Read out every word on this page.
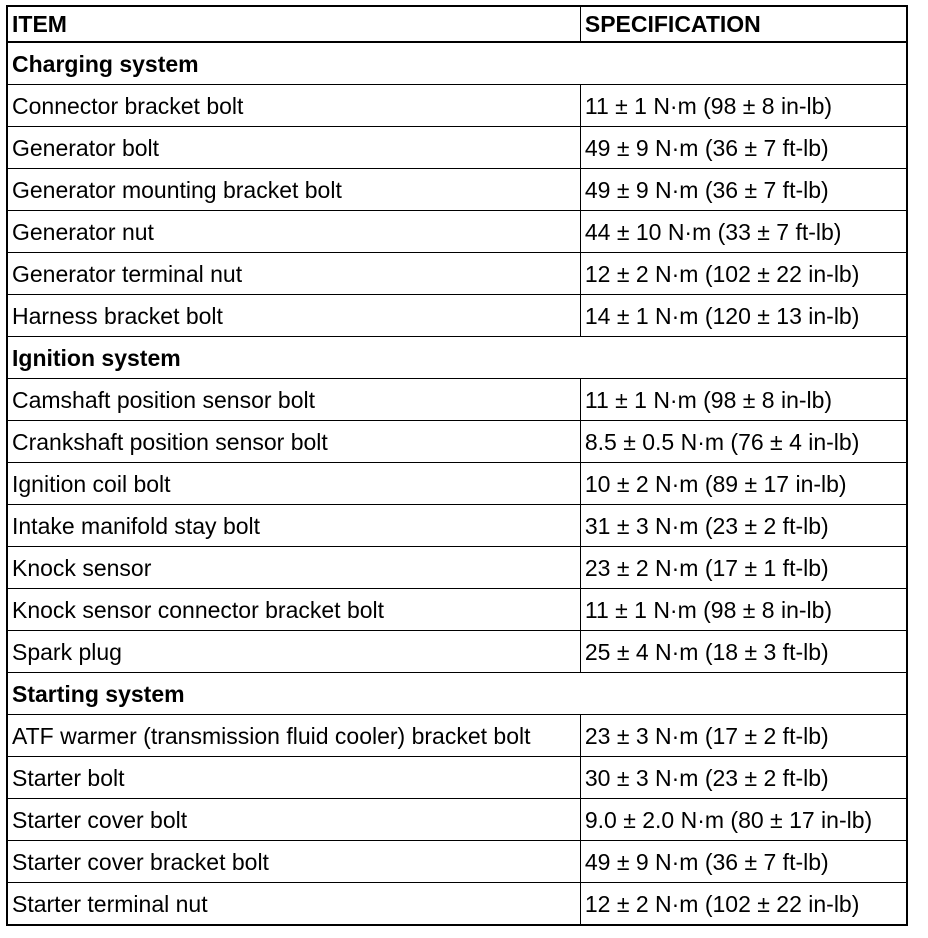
ITEM	SPECIFICATION
Charging system	
Connector bracket bolt	11 ± 1 N·m (98 ± 8 in-lb)
Generator bolt	49 ± 9 N·m (36 ± 7 ft-lb)
Generator mounting bracket bolt	49 ± 9 N·m (36 ± 7 ft-lb)
Generator nut	44 ± 10 N·m (33 ± 7 ft-lb)
Generator terminal nut	12 ± 2 N·m (102 ± 22 in-lb)
Harness bracket bolt	14 ± 1 N·m (120 ± 13 in-lb)
Ignition system	
Camshaft position sensor bolt	11 ± 1 N·m (98 ± 8 in-lb)
Crankshaft position sensor bolt	8.5 ± 0.5 N·m (76 ± 4 in-lb)
Ignition coil bolt	10 ± 2 N·m (89 ± 17 in-lb)
Intake manifold stay bolt	31 ± 3 N·m (23 ± 2 ft-lb)
Knock sensor	23 ± 2 N·m (17 ± 1 ft-lb)
Knock sensor connector bracket bolt	11 ± 1 N·m (98 ± 8 in-lb)
Spark plug	25 ± 4 N·m (18 ± 3 ft-lb)
Starting system	
ATF warmer (transmission fluid cooler) bracket bolt	23 ± 3 N·m (17 ± 2 ft-lb)
Starter bolt	30 ± 3 N·m (23 ± 2 ft-lb)
Starter cover bolt	9.0 ± 2.0 N·m (80 ± 17 in-lb)
Starter cover bracket bolt	49 ± 9 N·m (36 ± 7 ft-lb)
Starter terminal nut	12 ± 2 N·m (102 ± 22 in-lb)
